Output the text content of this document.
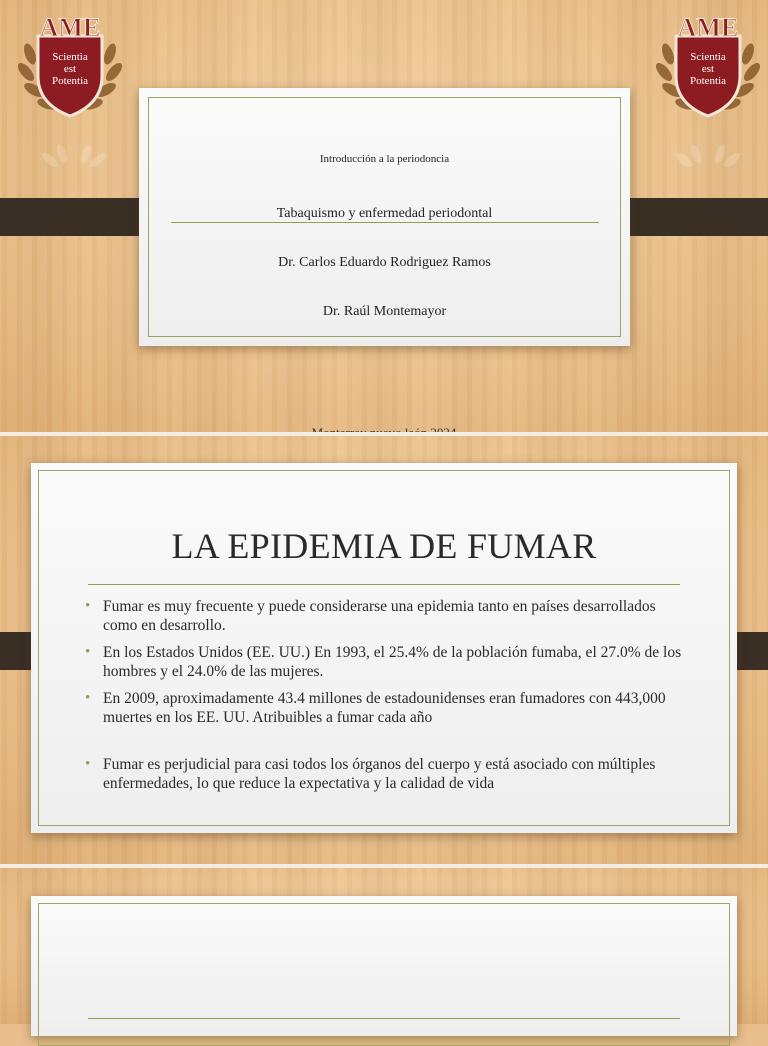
AME
Scientia
est
Potentia
AME
Scientia
est
Potentia
Introducción a la periodoncia
Tabaquismo y enfermedad periodontal
Dr. Carlos Eduardo Rodriguez Ramos
Dr. Raúl Montemayor
LA EPIDEMIA DE FUMAR
• Fumar es muy frecuente y puede considerarse una epidemia tanto en países desarrollados como en desarrollo.
• En los Estados Unidos (EE. UU.) En 1993, el 25.4% de la población fumaba, el 27.0% de los hombres y el 24.0% de las mujeres.
• En 2009, aproximadamente 43.4 millones de estadounidenses eran fumadores con 443,000 muertes en los EE. UU. Atribuibles a fumar cada año
• Fumar es perjudicial para casi todos los órganos del cuerpo y está asociado con múltiples enfermedades, lo que reduce la expectativa y la calidad de vida
